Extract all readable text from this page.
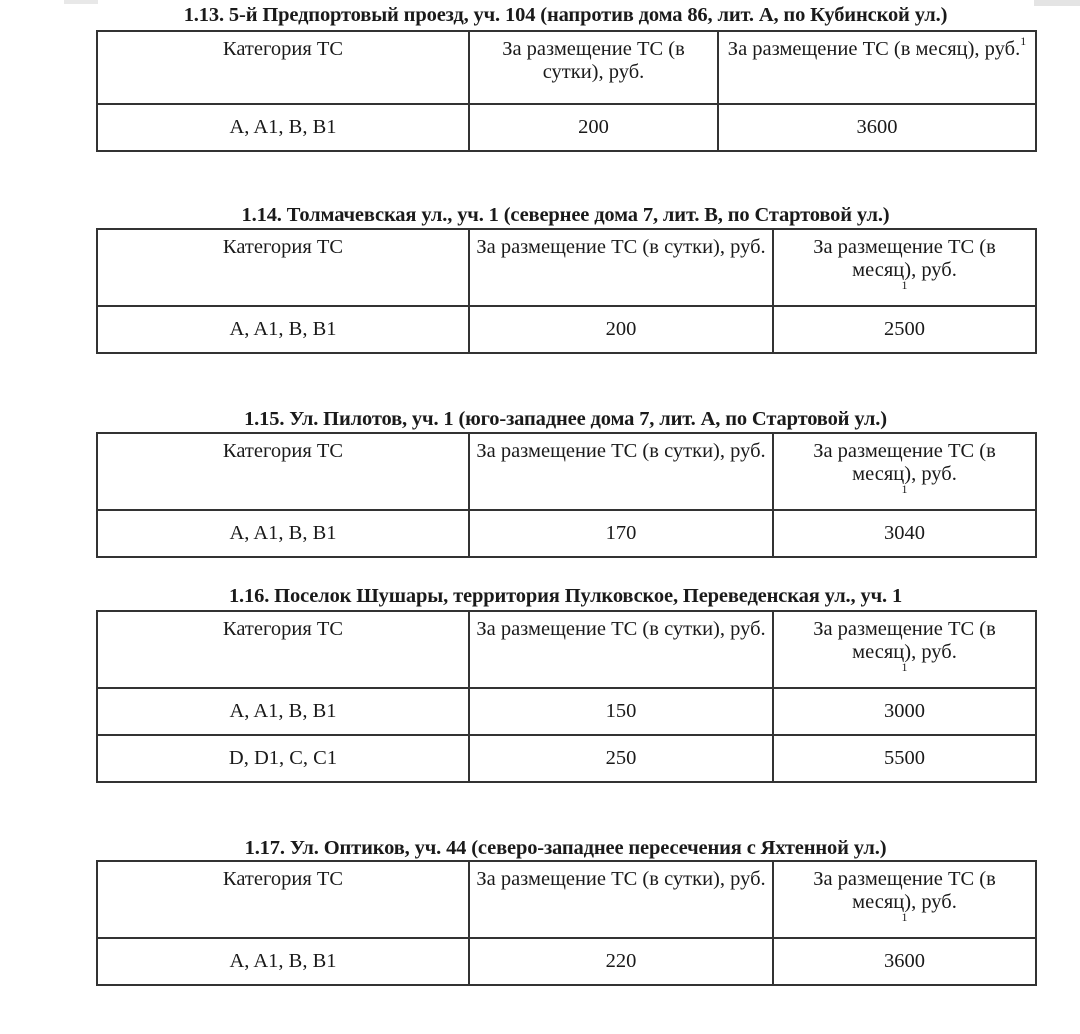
1.13. 5-й Предпортовый проезд, уч. 104 (напротив дома 86, лит. А, по Кубинской ул.)
Категория ТС	За размещение ТС (в сутки), руб.	За размещение ТС (в месяц), руб.$^1$
A, A1, B, B1	200	3600
1.14. Толмачевская ул., уч. 1 (севернее дома 7, лит. В, по Стартовой ул.)
Категория ТС	За размещение ТС (в сутки), руб.	За размещение ТС (в месяц), руб.$^1$
A, A1, B, B1	200	2500
1.15. Ул. Пилотов, уч. 1 (юго-западнее дома 7, лит. А, по Стартовой ул.)
Категория ТС	За размещение ТС (в сутки), руб.	За размещение ТС (в месяц), руб.$^1$
A, A1, B, B1	170	3040
1.16. Поселок Шушары, территория Пулковское, Переведенская ул., уч. 1
Категория ТС	За размещение ТС (в сутки), руб.	За размещение ТС (в месяц), руб.$^1$
A, A1, B, B1	150	3000
D, D1, C, C1	250	5500
1.17. Ул. Оптиков, уч. 44 (северо-западнее пересечения с Яхтенной ул.)
Категория ТС	За размещение ТС (в сутки), руб.	За размещение ТС (в месяц), руб.$^1$
A, A1, B, B1	220	3600
